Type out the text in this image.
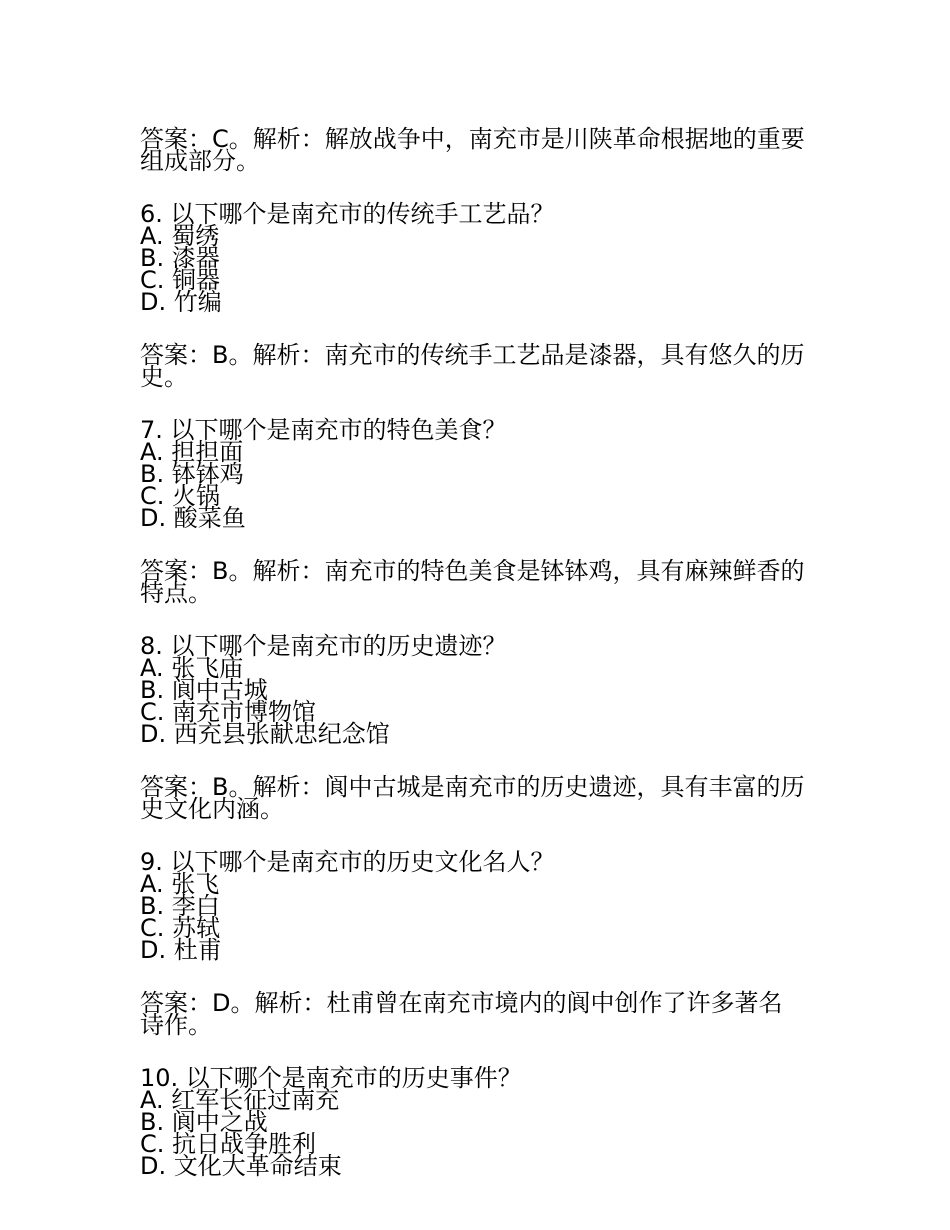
答案：C。解析：解放战争中，南充市是川陕革命根据地的重要组成部分。
6. 以下哪个是南充市的传统手工艺品？
A. 蜀绣
B. 漆器
C. 铜器
D. 竹编
答案：B。解析：南充市的传统手工艺品是漆器，具有悠久的历史。
7. 以下哪个是南充市的特色美食？
A. 担担面
B. 钵钵鸡
C. 火锅
D. 酸菜鱼
答案：B。解析：南充市的特色美食是钵钵鸡，具有麻辣鲜香的特点。
8. 以下哪个是南充市的历史遗迹？
A. 张飞庙
B. 阆中古城
C. 南充市博物馆
D. 西充县张献忠纪念馆
答案：B。解析：阆中古城是南充市的历史遗迹，具有丰富的历史文化内涵。
9. 以下哪个是南充市的历史文化名人？
A. 张飞
B. 李白
C. 苏轼
D. 杜甫
答案：D。解析：杜甫曾在南充市境内的阆中创作了许多著名诗作。
10. 以下哪个是南充市的历史事件？
A. 红军长征过南充
B. 阆中之战
C. 抗日战争胜利
D. 文化大革命结束
